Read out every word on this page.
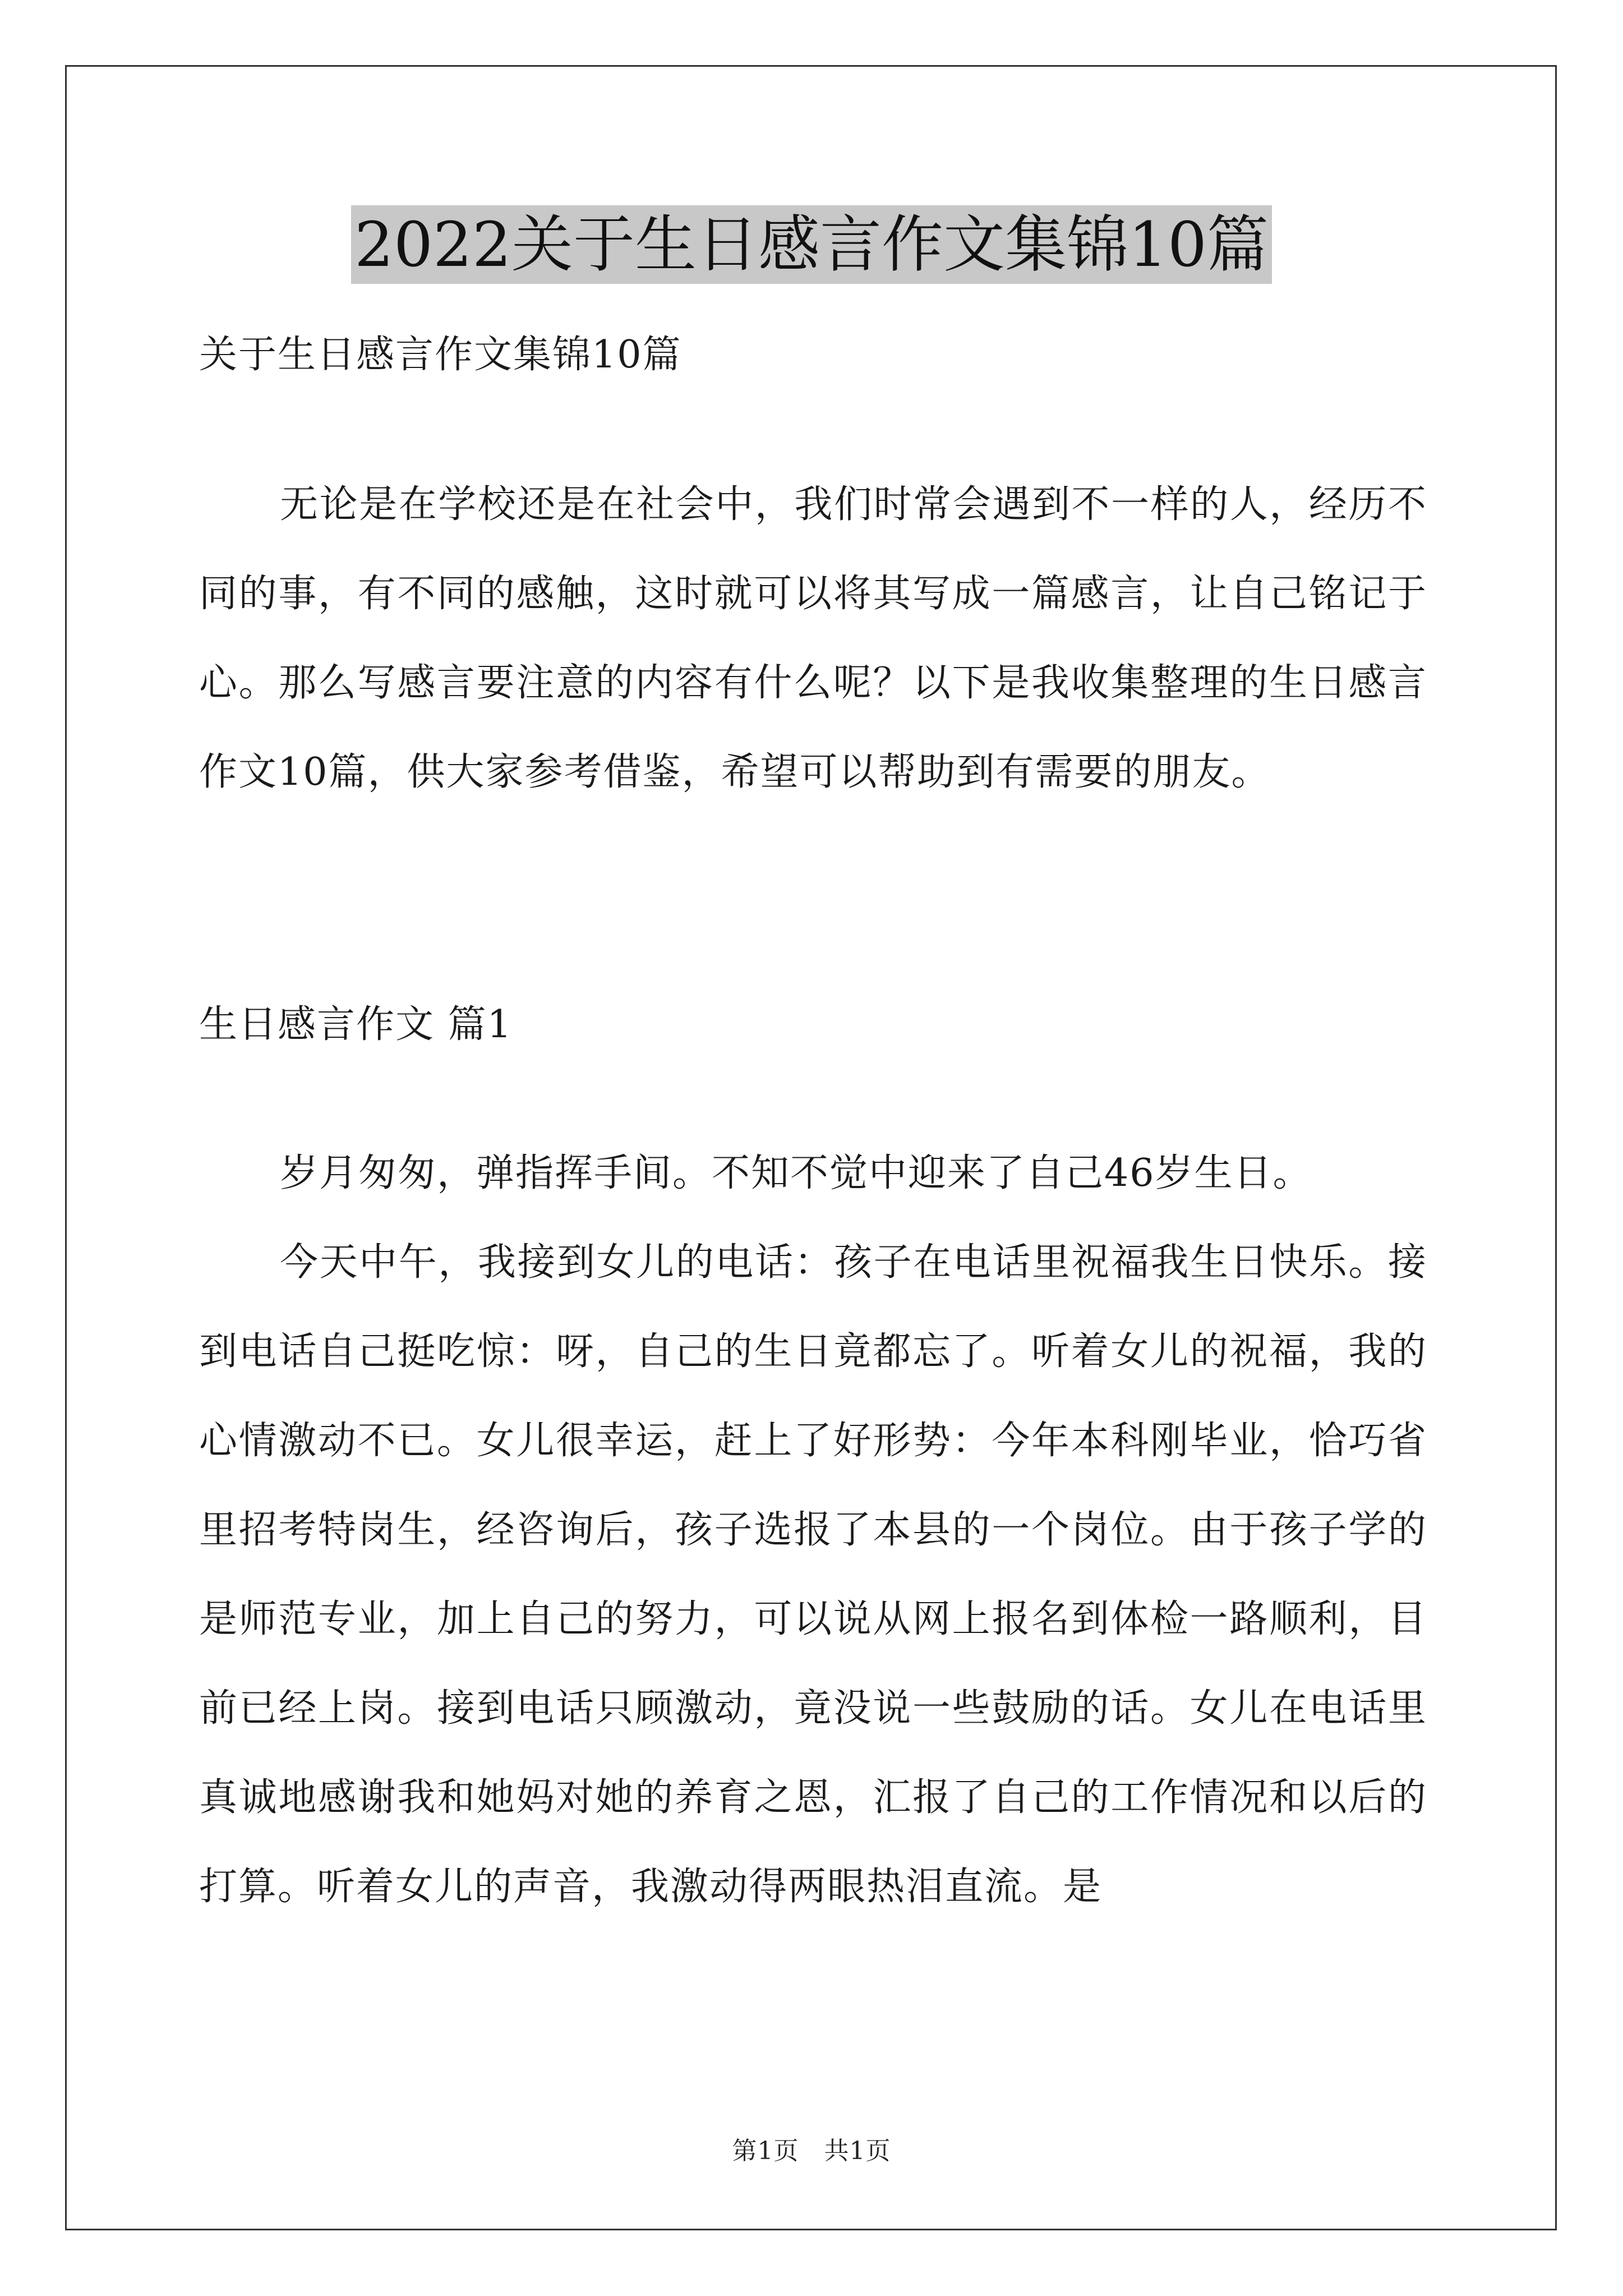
2022关于生日感言作文集锦10篇
关于生日感言作文集锦10篇
无论是在学校还是在社会中，我们时常会遇到不一样的人，经历不同的事，有不同的感触，这时就可以将其写成一篇感言，让自己铭记于心。那么写感言要注意的内容有什么呢？以下是我收集整理的生日感言作文10篇，供大家参考借鉴，希望可以帮助到有需要的朋友。
生日感言作文 篇1
岁月匆匆，弹指挥手间。不知不觉中迎来了自己46岁生日。
今天中午，我接到女儿的电话：孩子在电话里祝福我生日快乐。接到电话自己挺吃惊：呀，自己的生日竟都忘了。听着女儿的祝福，我的心情激动不已。女儿很幸运，赶上了好形势：今年本科刚毕业，恰巧省里招考特岗生，经咨询后，孩子选报了本县的一个岗位。由于孩子学的是师范专业，加上自己的努力，可以说从网上报名到体检一路顺利，目前已经上岗。接到电话只顾激动，竟没说一些鼓励的话。女儿在电话里真诚地感谢我和她妈对她的养育之恩，汇报了自己的工作情况和以后的打算。听着女儿的声音，我激动得两眼热泪直流。是
第1页　共1页
